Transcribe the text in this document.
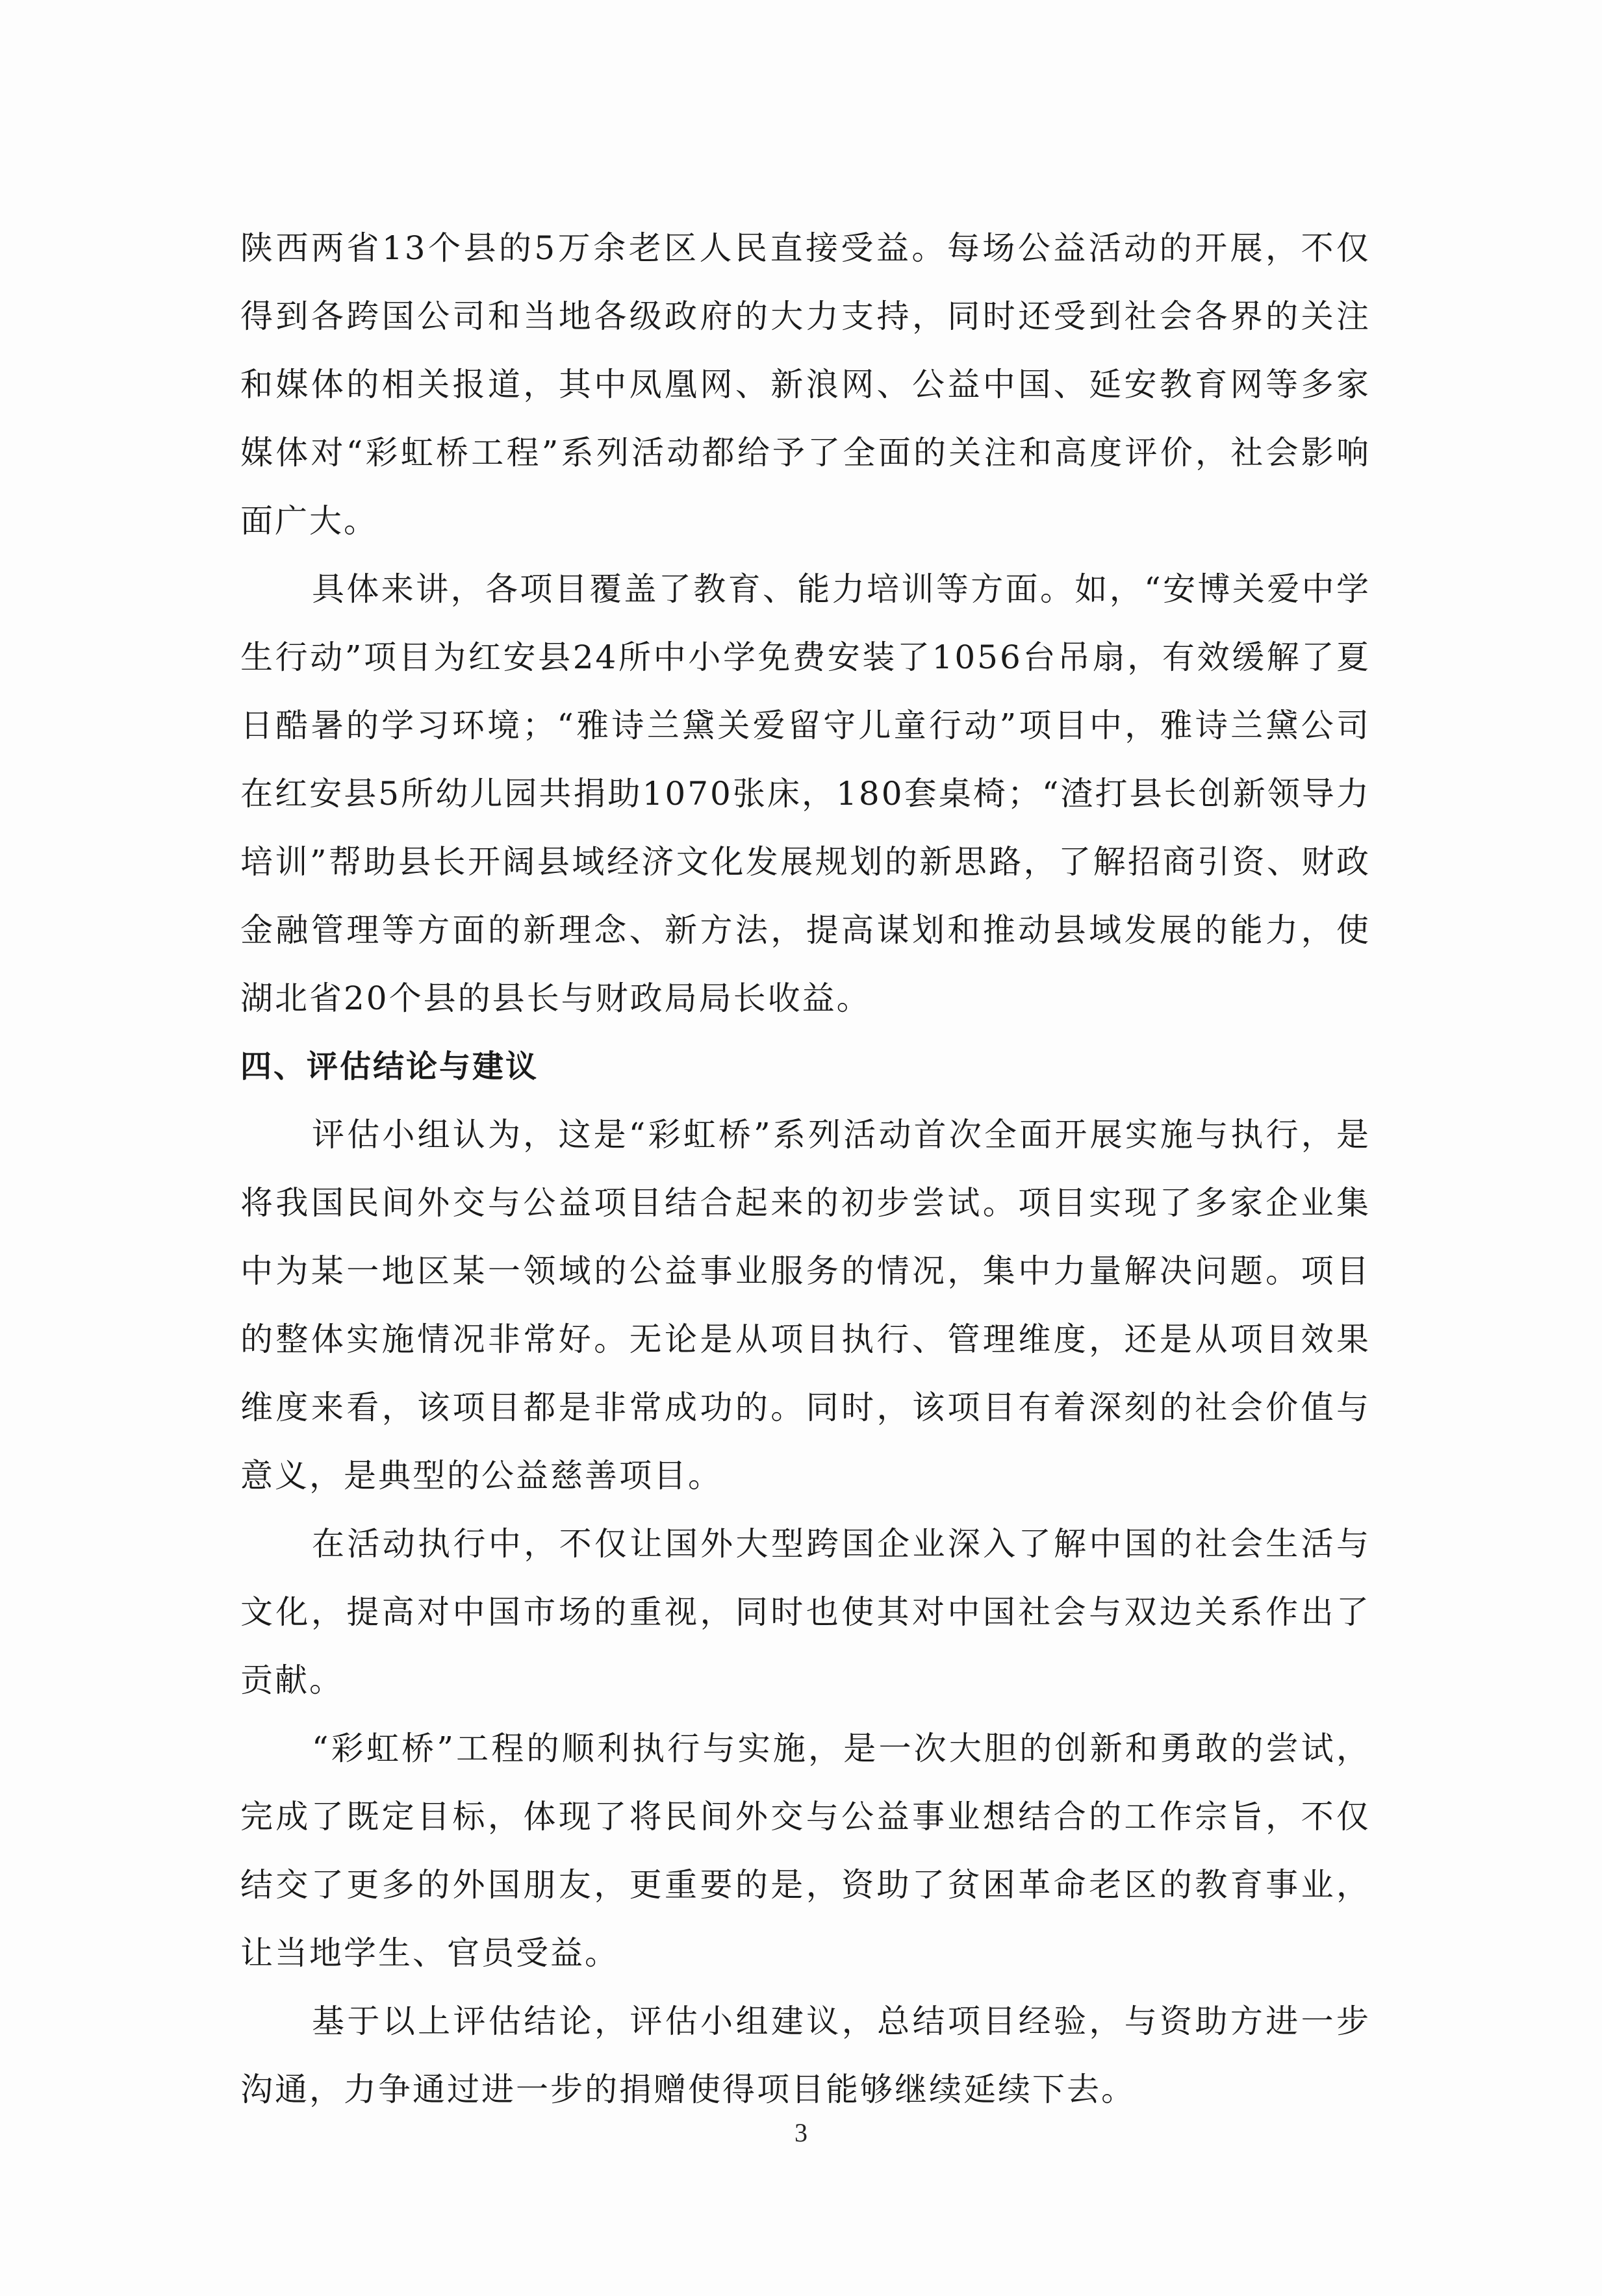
陕西两省13个县的5万余老区人民直接受益。每场公益活动的开展，不仅得到各跨国公司和当地各级政府的大力支持，同时还受到社会各界的关注和媒体的相关报道，其中凤凰网、新浪网、公益中国、延安教育网等多家媒体对“彩虹桥工程”系列活动都给予了全面的关注和高度评价，社会影响面广大。

具体来讲，各项目覆盖了教育、能力培训等方面。如，“安博关爱中学生行动”项目为红安县24所中小学免费安装了1056台吊扇，有效缓解了夏日酷暑的学习环境；“雅诗兰黛关爱留守儿童行动”项目中，雅诗兰黛公司在红安县5所幼儿园共捐助1070张床，180套桌椅；“渣打县长创新领导力培训”帮助县长开阔县域经济文化发展规划的新思路，了解招商引资、财政金融管理等方面的新理念、新方法，提高谋划和推动县域发展的能力，使湖北省20个县的县长与财政局局长收益。

四、评估结论与建议

评估小组认为，这是“彩虹桥”系列活动首次全面开展实施与执行，是将我国民间外交与公益项目结合起来的初步尝试。项目实现了多家企业集中为某一地区某一领域的公益事业服务的情况，集中力量解决问题。项目的整体实施情况非常好。无论是从项目执行、管理维度，还是从项目效果维度来看，该项目都是非常成功的。同时，该项目有着深刻的社会价值与意义，是典型的公益慈善项目。

在活动执行中，不仅让国外大型跨国企业深入了解中国的社会生活与文化，提高对中国市场的重视，同时也使其对中国社会与双边关系作出了贡献。

“彩虹桥”工程的顺利执行与实施，是一次大胆的创新和勇敢的尝试，完成了既定目标，体现了将民间外交与公益事业想结合的工作宗旨，不仅结交了更多的外国朋友，更重要的是，资助了贫困革命老区的教育事业，让当地学生、官员受益。

基于以上评估结论，评估小组建议，总结项目经验，与资助方进一步沟通，力争通过进一步的捐赠使得项目能够继续延续下去。

3
